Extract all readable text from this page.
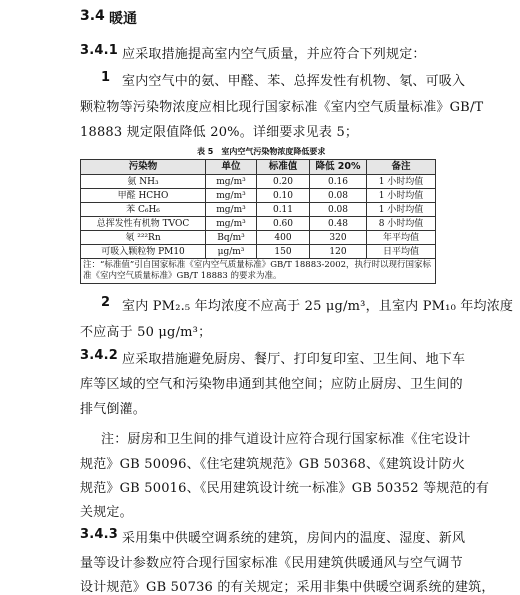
3.4 暖通
3.4.1 应采取措施提高室内空气质量，并应符合下列规定：
1 室内空气中的氨、甲醛、苯、总挥发性有机物、氡、可吸入
颗粒物等污染物浓度应相比现行国家标准《室内空气质量标准》GB/T
18883 规定限值降低 20%。详细要求见表 5；
表 5　室内空气污染物浓度降低要求
污染物	单位	标准值	降低 20%	备注
氨 NH₃	mg/m³	0.20	0.16	1 小时均值
甲醛 HCHO	mg/m³	0.10	0.08	1 小时均值
苯 C₆H₆	mg/m³	0.11	0.08	1 小时均值
总挥发性有机物 TVOC	mg/m³	0.60	0.48	8 小时均值
氡 ²²²Rn	Bq/m³	400	320	年平均值
可吸入颗粒物 PM10	μg/m³	150	120	日平均值
注：“标准值”引自国家标准《室内空气质量标准》GB/T 18883-2002，执行时以现行国家标准《室内空气质量标准》GB/T 18883 的要求为准。				
2 室内 PM₂.₅ 年均浓度不应高于 25 μg/m³，且室内 PM₁₀ 年均浓度
不应高于 50 μg/m³；
3.4.2 应采取措施避免厨房、餐厅、打印复印室、卫生间、地下车
库等区域的空气和污染物串通到其他空间；应防止厨房、卫生间的
排气倒灌。
注：厨房和卫生间的排气道设计应符合现行国家标准《住宅设计
规范》GB 50096、《住宅建筑规范》GB 50368、《建筑设计防火
规范》GB 50016、《民用建筑设计统一标准》GB 50352 等规范的有
关规定。
3.4.3 采用集中供暖空调系统的建筑，房间内的温度、湿度、新风
量等设计参数应符合现行国家标准《民用建筑供暖通风与空气调节
设计规范》GB 50736 的有关规定；采用非集中供暖空调系统的建筑，
